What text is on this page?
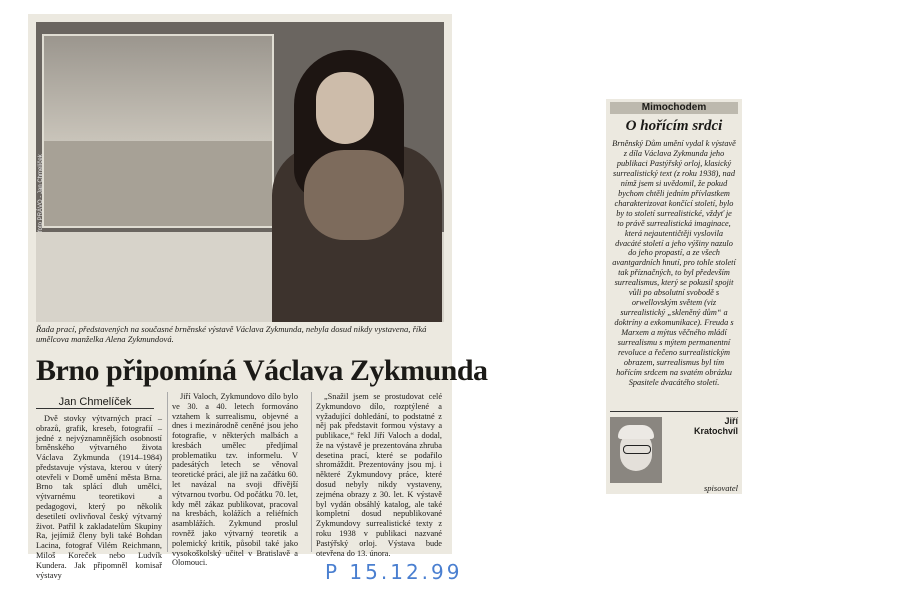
foto PRÁVO - Jan Chmelíček
Řada prací, představených na současné brněnské výstavě Václava Zykmunda, nebyla dosud nikdy vystavena, říká umělcova manželka Alena Zykmundová.
Brno připomíná Václava Zykmunda
Jan Chmelíček

Dvě stovky výtvarných prací – obrazů, grafik, kreseb, fotografií – jedné z nejvýznamnějších osobností brněnského výtvarného života Václava Zykmunda (1914–1984) představuje výstava, kterou v úterý otevřeli v Domě umění města Brna. Brno tak splácí dluh umělci, výtvarnému teoretikovi a pedagogovi, který po několik desetiletí ovlivňoval český výtvarný život. Patřil k zakladatelům Skupiny Ra, jejímiž členy byli také Bohdan Lacina, fotograf Vilém Reichmann, Miloš Koreček nebo Ludvík Kundera. Jak připomněl komisař výstavy

Jiří Valoch, Zykmundovo dílo bylo ve 30. a 40. letech formováno vztahem k surrealismu, objevné a dnes i mezinárodně ceněné jsou jeho fotografie, v některých malbách a kresbách umělec předjímal problematiku tzv. informelu. V padesátých letech se věnoval teoretické práci, ale již na začátku 60. let navázal na svoji dřívější výtvarnou tvorbu. Od počátku 70. let, kdy měl zákaz publikovat, pracoval na kresbách, kolážích a reliéfních asamblážích. Zykmund proslul rovněž jako výtvarný teoretik a polemický kritik, působil také jako vysokoškolský učitel v Bratislavě a Olomouci.

„Snažil jsem se prostudovat celé Zykmundovo dílo, rozptýlené a vyžadující dohledání, to podstatné z něj pak představit formou výstavy a publikace,“ řekl Jiří Valoch a dodal, že na výstavě je prezentována zhruba desetina prací, které se podařilo shromáždit. Prezentovány jsou mj. i některé Zykmundovy práce, které dosud nebyly nikdy vystaveny, zejména obrazy z 30. let. K výstavě byl vydán obsáhlý katalog, ale také kompletní dosud nepublikované Zykmundovy surrealistické texty z roku 1938 v publikaci nazvané Pastýřský orloj. Výstava bude otevřena do 13. února.

Mimochodem
O hořícím srdci

Brněnský Dům umění vydal k výstavě z díla Václava Zykmunda jeho publikaci Pastýřský orloj, klasický surrealistický text (z roku 1938), nad nímž jsem si uvědomil, že pokud bychom chtěli jedním přívlastkem charakterizovat končící století, bylo by to století surrealistické, vždyť je to právě surrealistická imaginace, která nejautentičtěji vyslovila dvacáté století a jeho výšiny nazulo do jeho propastí, a ze všech avantgardních hnutí, pro tohle století tak příznačných, to byl především surrealismus, který se pokusil spojit vůli po absolutní svobodě s orwellovským světem (viz surrealistický „skleněný dům“ a doktríny a exkomunikace). Freuda s Marxem a mýtus věčného mládí surrealismu s mýtem permanentní revoluce a řečeno surrealistickým obrazem, surrealismus byl tím hořícím srdcem na svatém obrázku Spasitele dvacátého století.

Jiří
Kratochvíl
spisovatel
P 15.12.99
